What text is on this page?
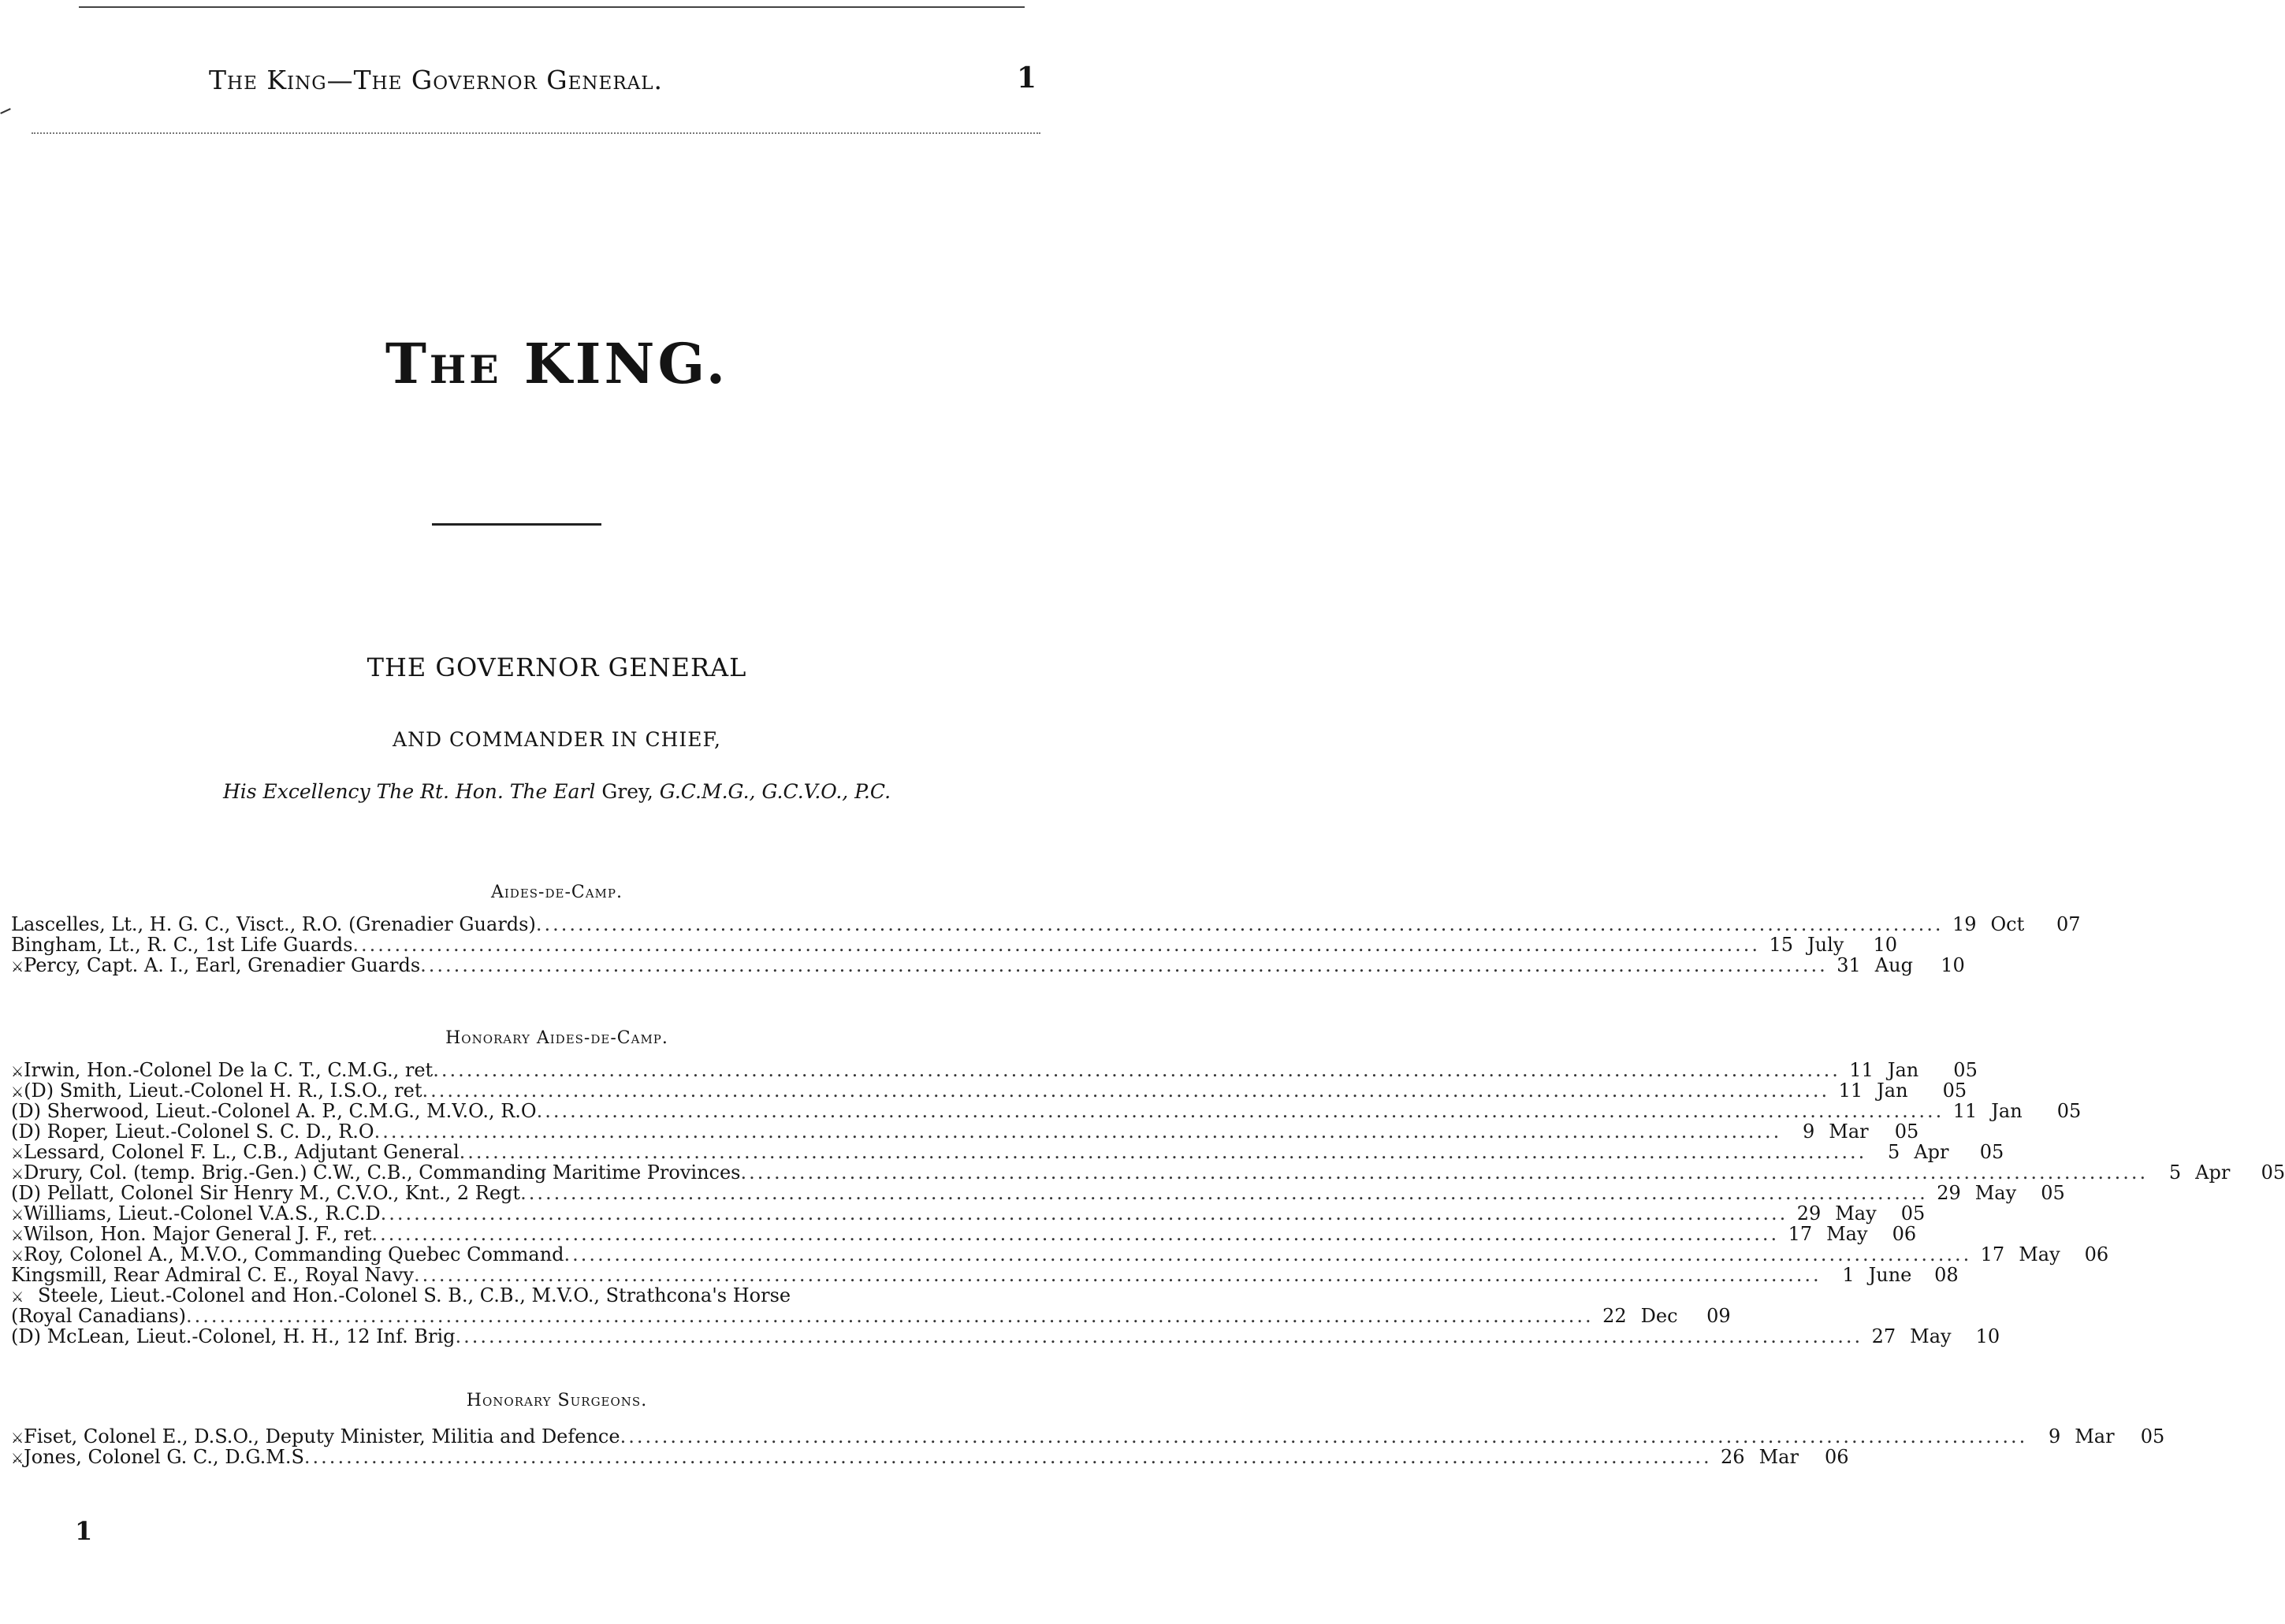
The King—The Governor General.	1
The KING.
THE GOVERNOR GENERAL
AND COMMANDER IN CHIEF,
His Excellency The Rt. Hon. The Earl Grey, G.C.M.G., G.C.V.O., P.C.
Aides-de-Camp.
Lascelles, Lt., H. G. C., Visct., R.O. (Grenadier Guards) .....	19 Oct	07
Bingham, Lt., R. C., 1st Life Guards .....	15 July	10
⚔ Percy, Capt. A. I., Earl, Grenadier Guards .....	31 Aug	10
Honorary Aides-de-Camp.
⚔ Irwin, Hon.-Colonel De la C. T., C.M.G., ret .....	11 Jan	05
⚔ (D) Smith, Lieut.-Colonel H. R., I.S.O., ret .....	11 Jan	05
(D) Sherwood, Lieut.-Colonel A. P., C.M.G., M.V.O., R.O .....	11 Jan	05
(D) Roper, Lieut.-Colonel S. C. D., R.O .....	9 Mar	05
⚔ Lessard, Colonel F. L., C.B., Adjutant General .....	5 Apr	05
⚔ Drury, Col. (temp. Brig.-Gen.) C.W., C.B., Commanding Maritime Provinces .....	5 Apr	05
(D) Pellatt, Colonel Sir Henry M., C.V.O., Knt., 2 Regt .....	29 May	05
⚔ Williams, Lieut.-Colonel V.A.S., R.C.D .....	29 May	05
⚔ Wilson, Hon. Major General J. F., ret .....	17 May	06
⚔ Roy, Colonel A., M.V.O., Commanding Quebec Command .....	17 May	06
Kingsmill, Rear Admiral C. E., Royal Navy .....	1 June	08
⚔ Steele, Lieut.-Colonel and Hon.-Colonel S. B., C.B., M.V.O., Strathcona's Horse
(Royal Canadians) .....	22 Dec	09
(D) McLean, Lieut.-Colonel, H. H., 12 Inf. Brig .....	27 May	10
Honorary Surgeons.
⚔ Fiset, Colonel E., D.S.O., Deputy Minister, Militia and Defence .....	9 Mar	05
⚔ Jones, Colonel G. C., D.G.M.S .....	26 Mar	06
1
